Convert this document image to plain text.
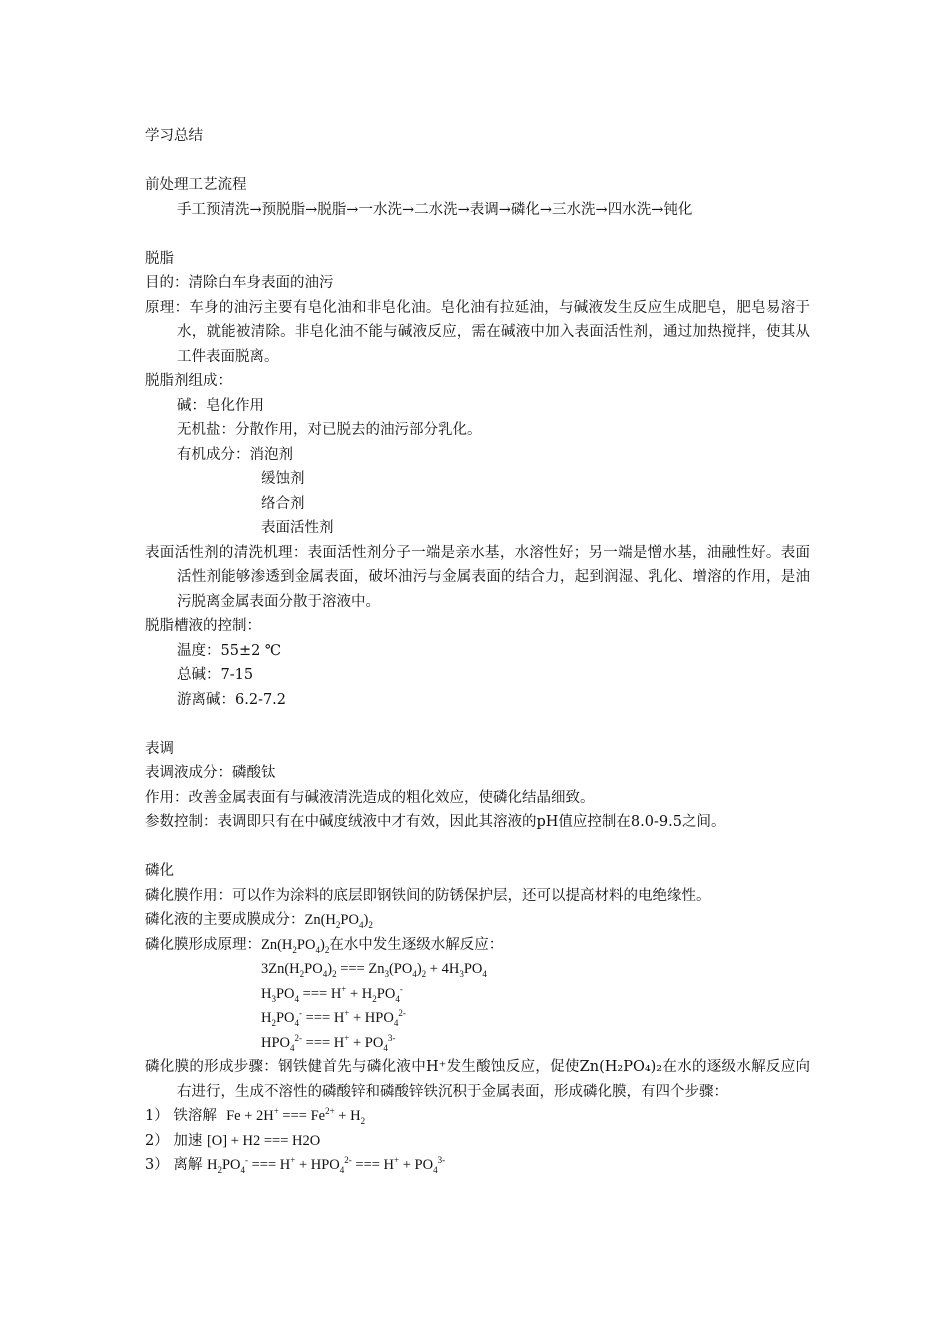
学习总结
前处理工艺流程
手工预清洗→预脱脂→脱脂→一水洗→二水洗→表调→磷化→三水洗→四水洗→钝化
脱脂
目的：清除白车身表面的油污
原理：车身的油污主要有皂化油和非皂化油。皂化油有拉延油，与碱液发生反应生成肥皂，肥皂易溶于水，就能被清除。非皂化油不能与碱液反应，需在碱液中加入表面活性剂，通过加热搅拌，使其从工件表面脱离。
脱脂剂组成：
碱：皂化作用
无机盐：分散作用，对已脱去的油污部分乳化。
有机成分：消泡剂
缓蚀剂
络合剂
表面活性剂
表面活性剂的清洗机理：表面活性剂分子一端是亲水基，水溶性好；另一端是憎水基，油融性好。表面活性剂能够渗透到金属表面，破坏油污与金属表面的结合力，起到润湿、乳化、增溶的作用，是油污脱离金属表面分散于溶液中。
脱脂槽液的控制：
温度：55±2 ℃
总碱：7-15
游离碱：6.2-7.2
表调
表调液成分：磷酸钛
作用：改善金属表面有与碱液清洗造成的粗化效应，使磷化结晶细致。
参数控制：表调即只有在中碱度绒液中才有效，因此其溶液的pH值应控制在8.0-9.5之间。
磷化
磷化膜作用：可以作为涂料的底层即钢铁间的防锈保护层，还可以提高材料的电绝缘性。
磷化液的主要成膜成分：$Zn(H_2PO_4)_2$
磷化膜形成原理：$Zn(H_2PO_4)_2$在水中发生逐级水解反应：
$3Zn(H_2PO_4)_2$ === $Zn_3(PO_4)_2 + 4H_3PO_4$
$H_3PO_4$ === $H^+ + H_2PO_4^-$
$H_2PO_4^-$ === $H^+ + HPO_4^{2-}$
$HPO_4^{2-}$ === $H^+ + PO_4^{3-}$
磷化膜的形成步骤：钢铁健首先与磷化液中H⁺发生酸蚀反应，促使Zn(H₂PO₄)₂在水的逐级水解反应向右进行，生成不溶性的磷酸锌和磷酸锌铁沉积于金属表面，形成磷化膜，有四个步骤：
1） 铁溶解 Fe + 2H+ === $Fe^{2+} + H_2$
2） 加速 [O] + H2 === H2O
3） 离解 $H_2PO_4^-$ === $H^+ + HPO_4^{2-}$ === $H^+ + PO_4^{3-}$
